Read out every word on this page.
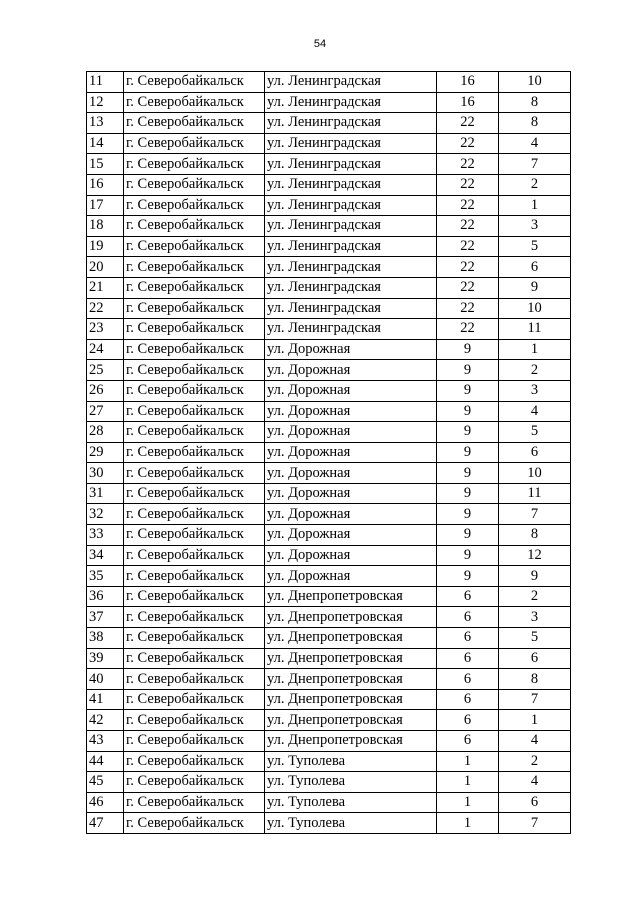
54
11	г. Северобайкальск	ул. Ленинградская	16	10
12	г. Северобайкальск	ул. Ленинградская	16	8
13	г. Северобайкальск	ул. Ленинградская	22	8
14	г. Северобайкальск	ул. Ленинградская	22	4
15	г. Северобайкальск	ул. Ленинградская	22	7
16	г. Северобайкальск	ул. Ленинградская	22	2
17	г. Северобайкальск	ул. Ленинградская	22	1
18	г. Северобайкальск	ул. Ленинградская	22	3
19	г. Северобайкальск	ул. Ленинградская	22	5
20	г. Северобайкальск	ул. Ленинградская	22	6
21	г. Северобайкальск	ул. Ленинградская	22	9
22	г. Северобайкальск	ул. Ленинградская	22	10
23	г. Северобайкальск	ул. Ленинградская	22	11
24	г. Северобайкальск	ул. Дорожная	9	1
25	г. Северобайкальск	ул. Дорожная	9	2
26	г. Северобайкальск	ул. Дорожная	9	3
27	г. Северобайкальск	ул. Дорожная	9	4
28	г. Северобайкальск	ул. Дорожная	9	5
29	г. Северобайкальск	ул. Дорожная	9	6
30	г. Северобайкальск	ул. Дорожная	9	10
31	г. Северобайкальск	ул. Дорожная	9	11
32	г. Северобайкальск	ул. Дорожная	9	7
33	г. Северобайкальск	ул. Дорожная	9	8
34	г. Северобайкальск	ул. Дорожная	9	12
35	г. Северобайкальск	ул. Дорожная	9	9
36	г. Северобайкальск	ул. Днепропетровская	6	2
37	г. Северобайкальск	ул. Днепропетровская	6	3
38	г. Северобайкальск	ул. Днепропетровская	6	5
39	г. Северобайкальск	ул. Днепропетровская	6	6
40	г. Северобайкальск	ул. Днепропетровская	6	8
41	г. Северобайкальск	ул. Днепропетровская	6	7
42	г. Северобайкальск	ул. Днепропетровская	6	1
43	г. Северобайкальск	ул. Днепропетровская	6	4
44	г. Северобайкальск	ул. Туполева	1	2
45	г. Северобайкальск	ул. Туполева	1	4
46	г. Северобайкальск	ул. Туполева	1	6
47	г. Северобайкальск	ул. Туполева	1	7
